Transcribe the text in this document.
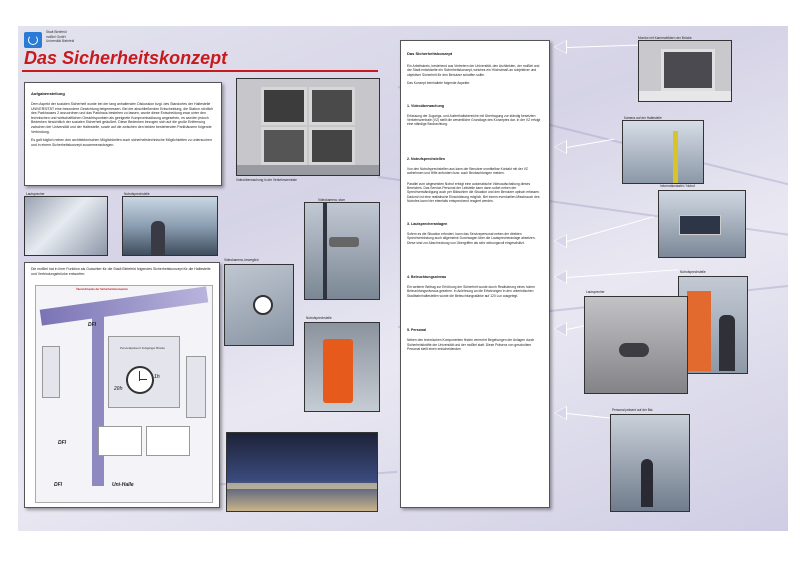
Stadt Bielefeld
moBiel GmbH
Universität Bielefeld
Das Sicherheitskonzept
Aufgabenstellung
Dem Aspekt der sozialen Sicherheit wurde bei der lang anhaltenden Diskussion bzgl. des Standortes der Haltestelle UNIVERSITÄT eine besondere Gewichtung beigemessen. Bei der abschließenden Entscheidung, die Station nördlich des Parkhauses 2 anzuordnen und das Parkhaus bestehen zu lassen, wurde diese Entscheidung zwar unter den technischen und wirtschaftlichen Gesichtspunkten als geeignete Kompromisslösung angesehen, es wurden jedoch Bedenken hinsichtlich der sozialen Sicherheit geäußert. Diese Bedenken bezogen sich auf die große Entfernung zwischen der Universität und der Haltestelle, sowie auf die zwischen den beiden bestehenden Parkhäusern folgende Verbindung.
Es galt folglich neben den architektonischen Möglichkeiten auch sicherheitstechnische Möglichkeiten zu untersuchen und in einem Sicherheitskonzept zusammenzutragen.
Lautsprecher	Notrufsprechstelle
Die moBiel hat in ihrer Funktion als Gutachter für die Stadt Bielefeld folgendes Sicherheitskonzept für die Haltestelle und Verbindungsbrücke entworfen:
Übersichtsplan der Sicherheitskonzeption
Personalpräsenz Fußgänger Brücke
20h
1h
DFI
DFI
DFI	Uni-Halle
Videoüberwachung in der Verkehrszentrale
Videokamera, starr
Videokamera, beweglich
Notrufsprechstelle
Das Sicherheitskonzept
Ein Arbeitskreis, bestehend aus Vertretern der Universität, den Architekten, der moBiel und der Stadt entwickelte ein Sicherheitskonzept, welches ein Höchstmaß an subjektiver und objektiver Sicherheit für den Benutzer schaffen sollte.
Das Konzept beinhaltete folgende Aspekte:
1. Videoüberwachung
Erfassung der Zugangs- und Aufenthaltsbereiche mit Übertragung zur ständig besetzten Verkehrszentrale (VZ) stellt die wesentliche Grundlage des Konzeptes dar. In der VZ erfolgt eine ständige Beobachtung.
2. Notrufsprechstellen
Von den Notrufsprechstellen aus kann der Benutzer unmittelbar Kontakt mit der VZ aufnehmen und Hilfe anfordern bzw. auch Beobachtungen melden.
Parallel zum abgesetzten Notruf erfolgt eine automatische Videoaufschaltung dieses Bereiches. Das Service-Personal der Leitstelle kann dann sofort neben der Sprechverständigung auch per Bildschirm die Situation und den Benutzer optisch erfassen. Dadurch ist eine realistische Einschätzung möglich. Bei einem eventuellen Missbrauch des Notrufes kann hier ebenfalls entsprechend reagiert werden.
3. Lautsprecheranlagen
Sofern es die Situation erfordert, kann das Servicepersonal neben der direkten Sprechverbindung auch allgemeine Durchsagen über die Lautsprecheranlage absetzen. Diese sind zur Abschreckung von Übergriffen als sehr wirkungsvoll eingeschätzt.
4. Beleuchtungsniveau
Ein weiterer Beitrag zur Erhöhung der Sicherheit wurde durch Realisierung eines hohen Beleuchtungsniveaus gesehen. In Anlehnung an die Erfahrungen in den unterirdischen Stadtbahnhaltestellen wurde die Beleuchtungsstärke auf 120 Lux ausgelegt.
5. Personal
Neben den technischen Komponenten finden vermehrt Begehungen der Anlagen durch Sicherheitskräfte der Universität und der moBiel statt. Diese Präsenz von geschultem Personal stellt einen entscheidenden
Monitor mit Kamerabildern der Brücke
Kamera auf der Haltestelle
Informationstafel / Notruf
Notrufsprechstelle
Lautsprecher
Personal präsent auf der Bst.
